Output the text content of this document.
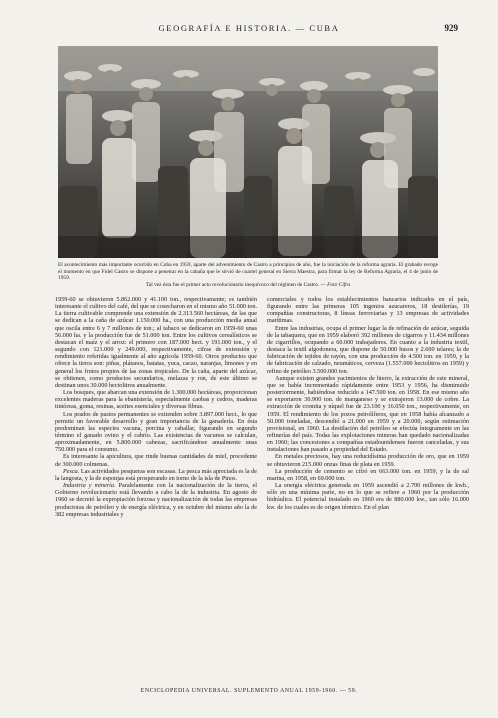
GEOGRAFÍA E HISTORIA. — CUBA	929

El acontecimiento más importante ocurrido en Cuba en 1959, aparte del advenimiento de Castro a principios de año, fue la iniciación de la reforma agraria. El grabado recoge el momento en que Fidel Castro se dispone a penetrar en la cabaña que le sirvió de cuartel general en Sierra Maestra, para firmar la ley de Reforma Agraria, el 4 de junio de 1959.

Tal vez ésta fue el primer acto revolucionario inequívoco del régimen de Castro. — Foto Cifra

1959-60 se obtuvieron 5.862.000 y 41.100 ton., respectivamente; es también interesante el cultivo del café, del que se cosecharon en el mismo año 51.000 ton. La tierra cultivable comprende una extensión de 2.313.560 hectáreas, de las que se dedican a la caña de azúcar 1.150.000 ha., con una producción media anual que oscila entre 6 y 7 millones de ton.; al tabaco se dedicaron en 1959-60 unas 56.000 ha. y la producción fue de 51.000 ton. Entre los cultivos cerealísticos se destacan el maíz y el arroz: el primero con 187.000 hect. y 191.000 ton., y el segundo con 121.000 y 249.000, respectivamente, cifras de extensión y rendimiento referidas igualmente al año agrícola 1959-60. Otros productos que ofrece la tierra son: piñas, plátanos, batatas, yuca, cacao, naranjas, limones y en general los frutos propios de las zonas tropicales. De la caña, aparte del azúcar, se obtienen, como productos secundarios, melazas y ron, de este último se destinan unos 30.000 hectolitros anualmente.

Los bosques, que abarcan una extensión de 1.300.000 hectáreas, proporcionan excelentes maderas para la ebanistería, especialmente caobas y cedros, maderas tintóreas, goma, resinas, aceites esenciales y diversas fibras.

Los prados de pastos permanentes se extienden sobre 3.897.000 hect., lo que permite un favorable desarrollo y gran importancia de la ganadería. En ésta predominan las especies vacuna, porcina y caballar, figurando en segundo término el ganado ovino y el cabrío. Las existencias de vacunos se calculan, aproximadamente, en 5.800.000 cabezas, sacrificándose anualmente unas 750.000 para el consumo.

Es interesante la apicultura, que rinde buenas cantidades de miel, procedente de 300.000 colmenas.

Pesca. Las actividades pesqueras son escasas. La pesca más apreciada es la de la langosta, y la de esponjas está prosperando en torno de la isla de Pinos.

Industria y minería. Paralelamente con la nacionalización de la tierra, el Gobierno revolucionario está llevando a cabo la de la industria. En agosto de 1960 se decretó la expropiación forzosa y nacionalización de todas las empresas productoras de petróleo y de energía eléctrica, y en octubre del mismo año la de 382 empresas industriales y

comerciales y todos los establecimientos bancarios indicados en el país, figurando entre las primeras 105 ingenios azucareros, 18 destilerías, 19 compañías constructoras, 8 líneas ferroviarias y 13 empresas de actividades marítimas.

Entre las industrias, ocupa el primer lugar la de refinación de azúcar, seguida de la tabaquera, que en 1959 elaboró 392 millones de cigarros y 11.434 millones de cigarrillos, ocupando a 60.000 trabajadores. En cuanto a la industria textil, destaca la textil algodonera, que dispone de 50.000 husos y 2.600 telares; la de fabricación de tejidos de rayón, con una producción de 4.500 ton. en 1959, y la de fabricación de calzado, neumáticos, cerveza (1.557.000 hectolitros en 1959) y refino de petróleo 3.500.000 ton.

Aunque existen grandes yacimientos de hierro, la extracción de este mineral, que se había incrementado rápidamente entre 1953 y 1956, ha disminuido posteriormente, habiéndose reducido a 147.500 ton. en 1958. En ese mismo año se exportaron 30.900 ton. de manganeso y se extrajeron 13.000 de cobre. La extracción de cromita y níquel fue de 23.100 y 16.050 ton., respectivamente, en 1959. El rendimiento de los pozos petrolíferos, que en 1958 había alcanzado a 50.000 toneladas, descendió a 21.000 en 1959 y a 20.000, según estimación provisional, en 1960. La destilación del petróleo se efectúa íntegramente en las refinerías del país. Todas las explotaciones mineras han quedado nacionalizadas en 1960; las concesiones a compañías estadounidenses fueron canceladas, y sus instalaciones han pasado a propiedad del Estado.

En metales preciosos, hay una reducidísima producción de oro, que en 1959 se obtuvieron 215.000 onzas finas de plata en 1959.

La producción de cemento se cifró en 663.000 ton. en 1959, y la de sal marina, en 1958, en 69.000 ton.

La energía eléctrica generada en 1959 ascendió a 2.700 millones de kwh., sólo en una mínima parte, no en lo que se refiere a 1960 por la producción hidráulica. El potencial instalado en 1960 era de 880.000 kw., tan sólo 16.000 kw. de los cuales es de origen térmico. En el plan

ENCICLOPEDIA UNIVERSAL. SUPLEMENTO ANUAL 1959-1960. — 59.
